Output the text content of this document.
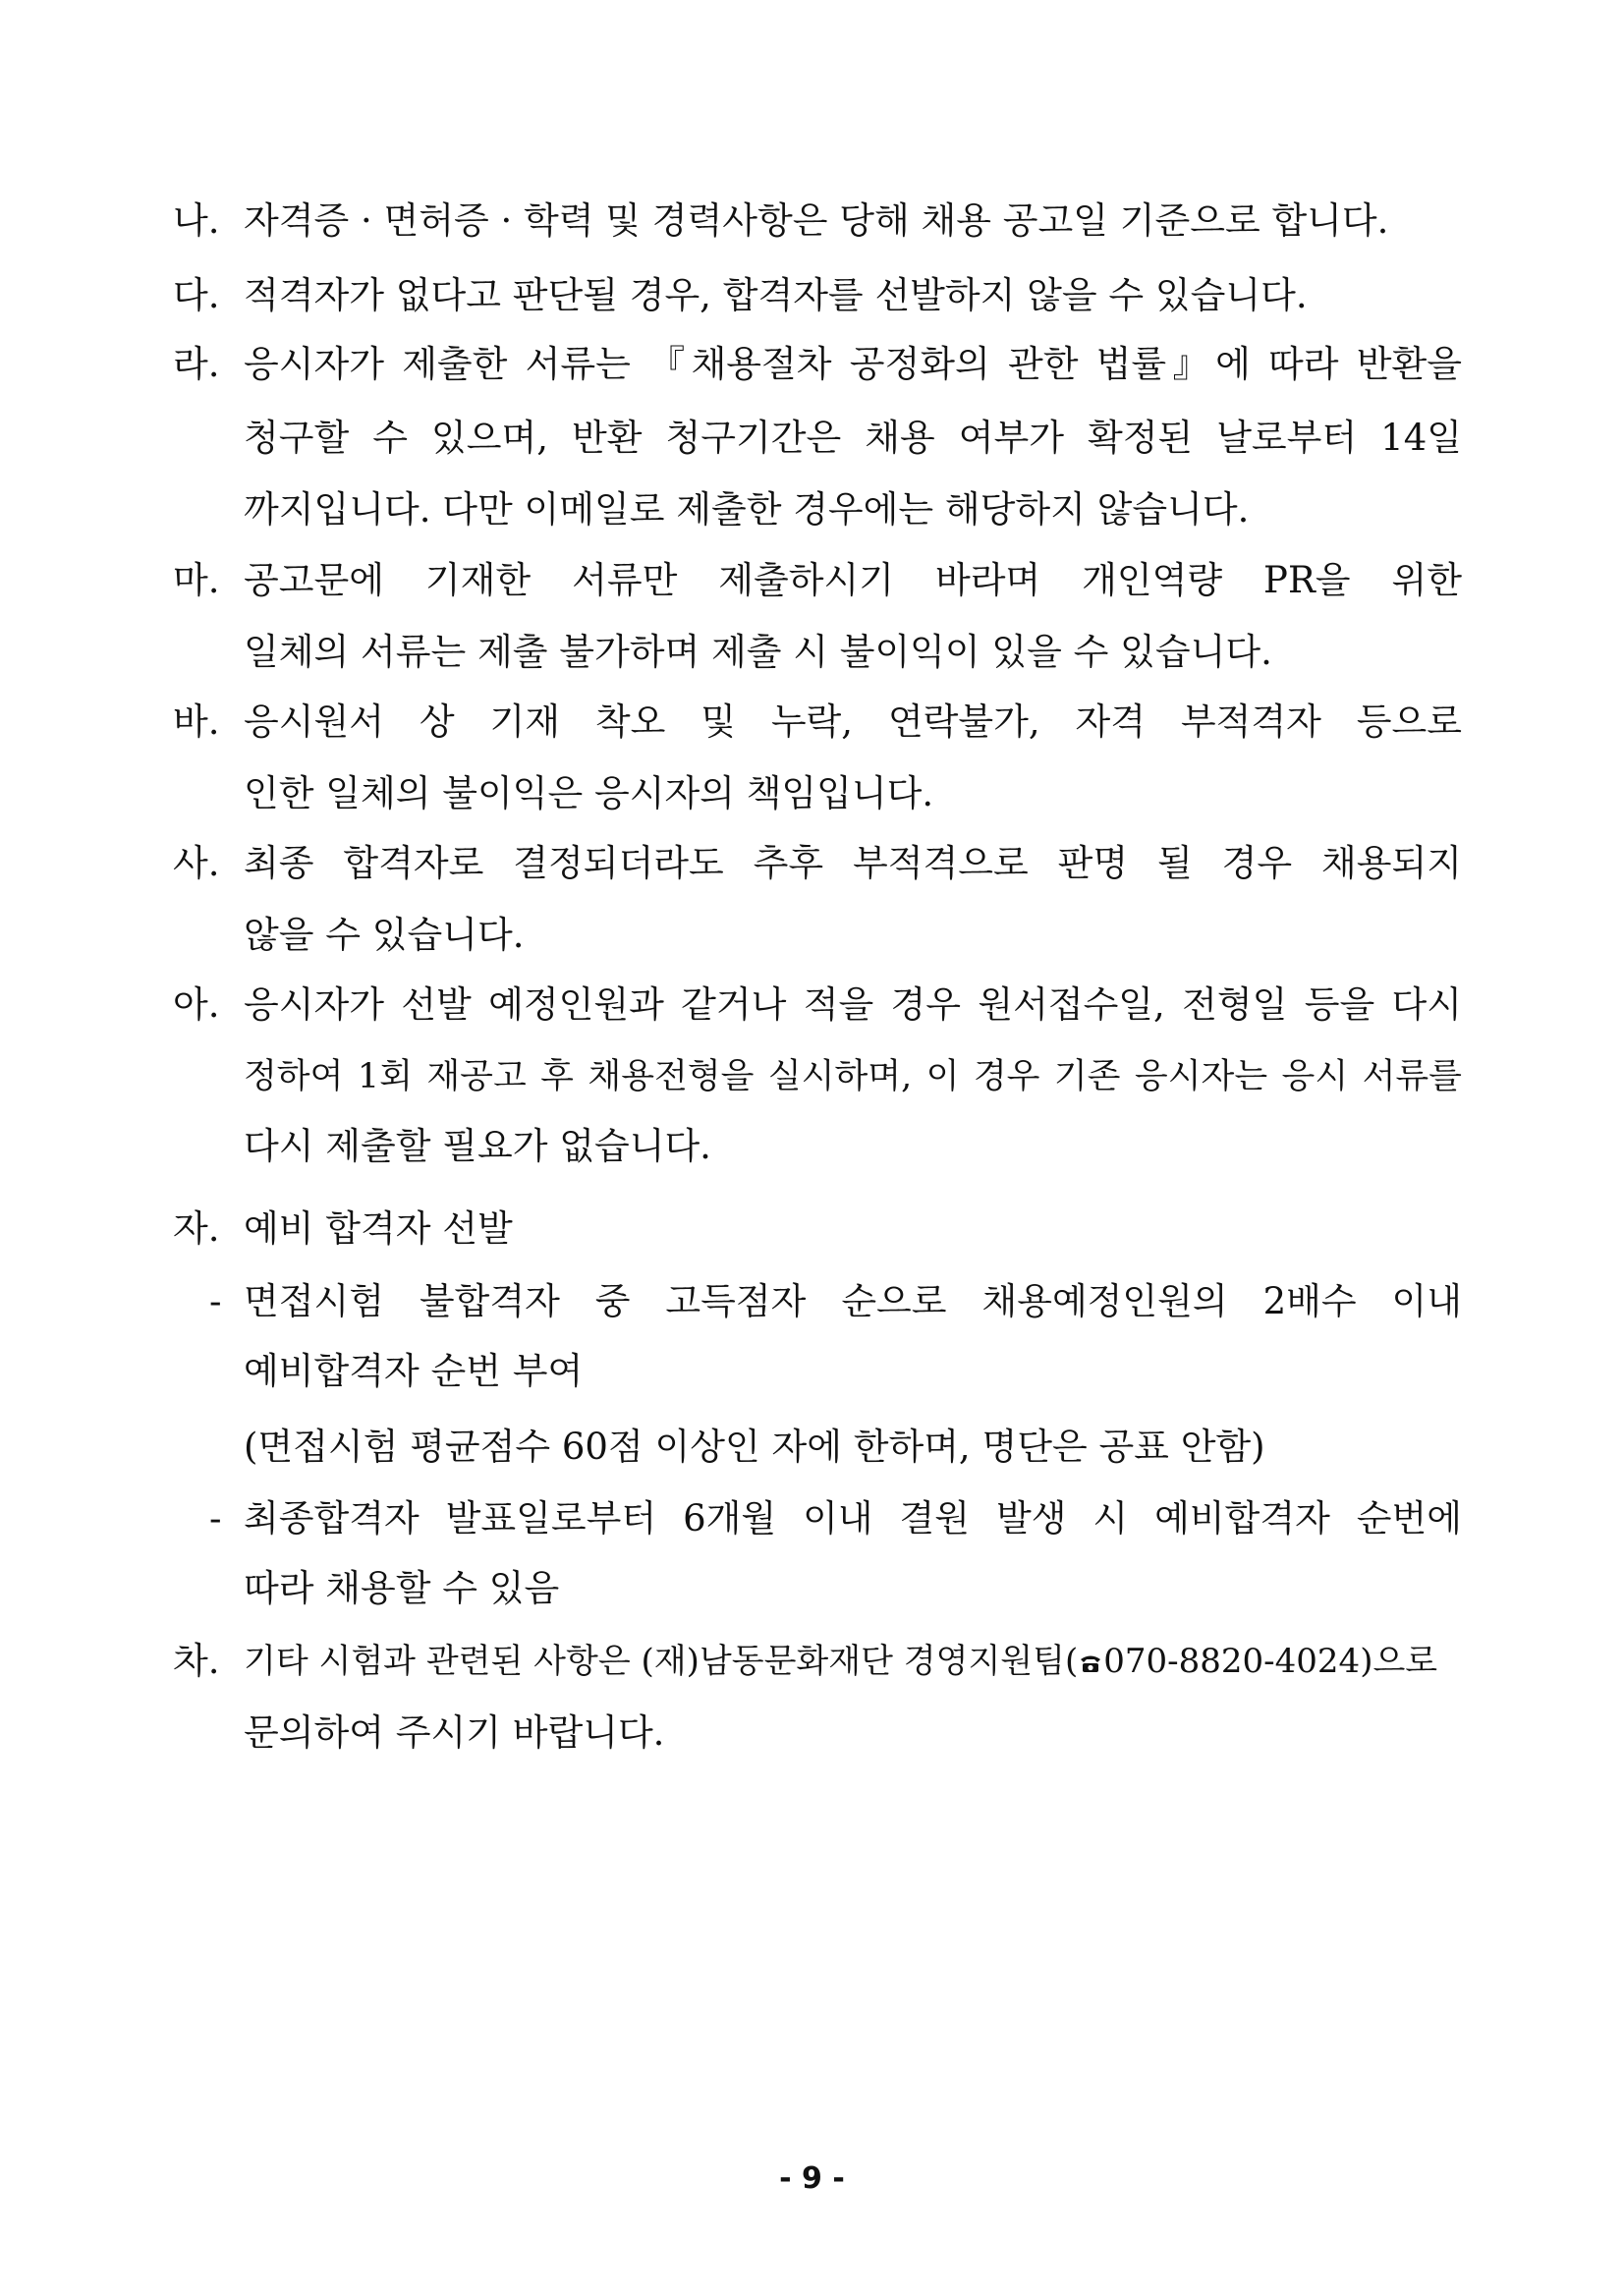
나. 자격증 · 면허증 · 학력 및 경력사항은 당해 채용 공고일 기준으로 합니다.
다. 적격자가 없다고 판단될 경우, 합격자를 선발하지 않을 수 있습니다.
라. 응시자가 제출한 서류는 『채용절차 공정화의 관한 법률』에 따라 반환을
청구할 수 있으며, 반환 청구기간은 채용 여부가 확정된 날로부터 14일
까지입니다. 다만 이메일로 제출한 경우에는 해당하지 않습니다.
마. 공고문에 기재한 서류만 제출하시기 바라며 개인역량 PR을 위한
일체의 서류는 제출 불가하며 제출 시 불이익이 있을 수 있습니다.
바. 응시원서 상 기재 착오 및 누락, 연락불가, 자격 부적격자 등으로
인한 일체의 불이익은 응시자의 책임입니다.
사. 최종 합격자로 결정되더라도 추후 부적격으로 판명 될 경우 채용되지
않을 수 있습니다.
아. 응시자가 선발 예정인원과 같거나 적을 경우 원서접수일, 전형일 등을 다시
정하여 1회 재공고 후 채용전형을 실시하며, 이 경우 기존 응시자는 응시 서류를
다시 제출할 필요가 없습니다.
자. 예비 합격자 선발
- 면접시험 불합격자 중 고득점자 순으로 채용예정인원의 2배수 이내
예비합격자 순번 부여
(면접시험 평균점수 60점 이상인 자에 한하며, 명단은 공표 안함)
- 최종합격자 발표일로부터 6개월 이내 결원 발생 시 예비합격자 순번에
따라 채용할 수 있음
차. 기타 시험과 관련된 사항은 (재)남동문화재단 경영지원팀( 070-8820-4024)으로
문의하여 주시기 바랍니다.
- 9 -
